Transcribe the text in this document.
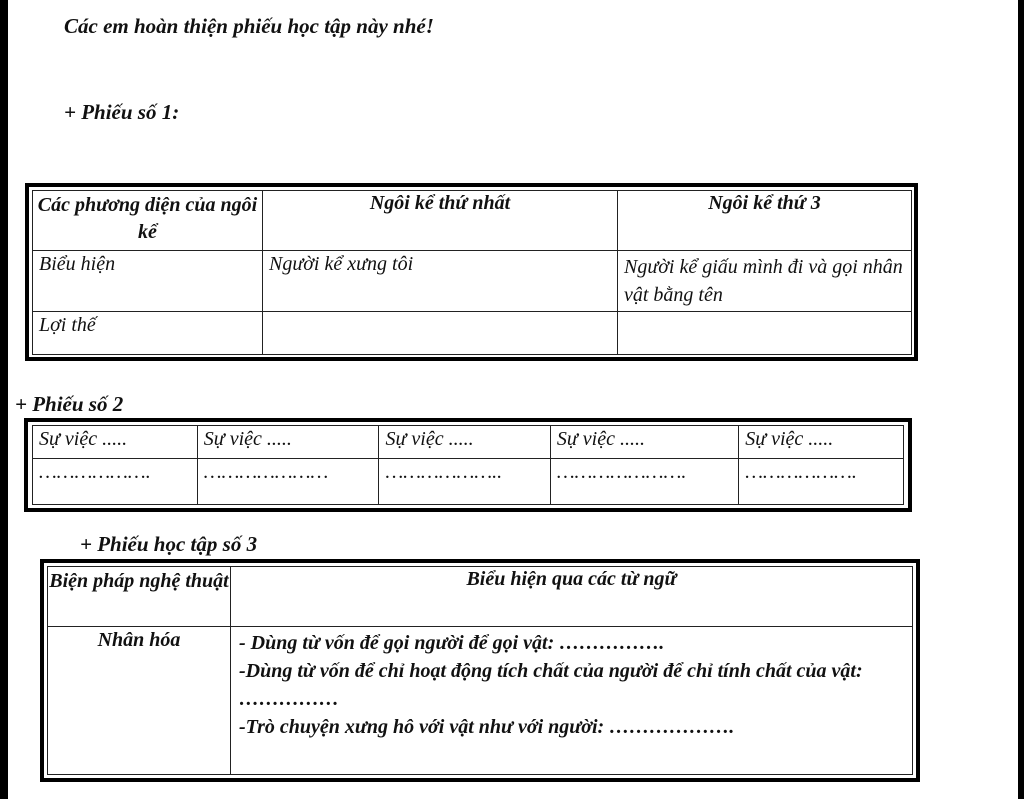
Các em hoàn thiện phiếu học tập này nhé!
+ Phiếu số 1:
Các phương diện của ngôi kể	Ngôi kể thứ nhất	Ngôi kể thứ 3
Biểu hiện	Người kể xưng tôi	Người kể giấu mình đi và gọi nhân vật bằng tên
Lợi thế		
+ Phiếu số 2
Sự việc .....	Sự việc .....	Sự việc .....	Sự việc .....	Sự việc .....
……………….	…………………	………………..	………………….	……………….
+ Phiếu học tập số 3
Biện pháp nghệ thuật	Biểu hiện qua các từ ngữ
Nhân hóa	- Dùng từ vốn để gọi người để gọi vật: …………….
-Dùng từ vốn để chỉ hoạt động tích chất của người để chỉ tính chất của vật: ……………
-Trò chuyện xưng hô với vật như với người: ……………….
